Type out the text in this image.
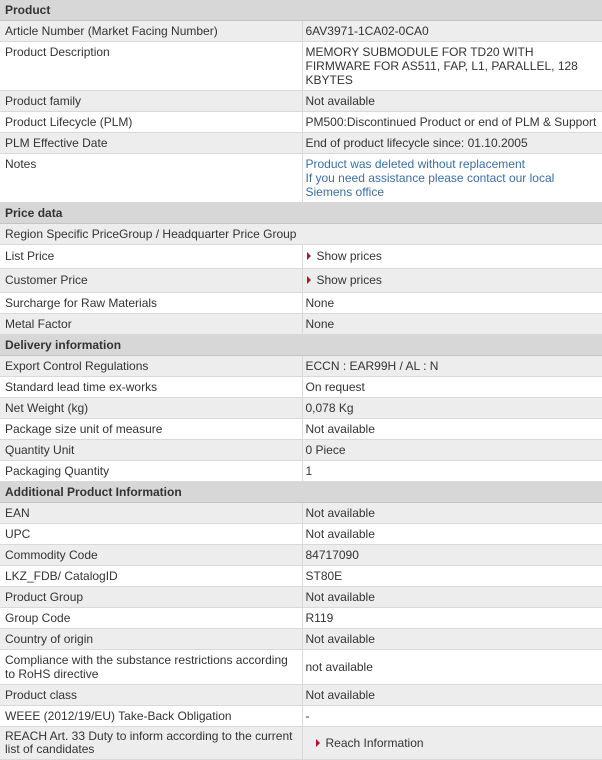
Product	
Article Number (Market Facing Number)	6AV3971-1CA02-0CA0
Product Description	MEMORY SUBMODULE FOR TD20 WITH FIRMWARE FOR AS511, FAP, L1, PARALLEL, 128 KBYTES
Product family	Not available
Product Lifecycle (PLM)	PM500:Discontinued Product or end of PLM & Support
PLM Effective Date	End of product lifecycle since: 01.10.2005
Notes	Product was deleted without replacement
If you need assistance please contact our local Siemens office

Price data	
Region Specific PriceGroup / Headquarter Price Group	
List Price	Show prices
Customer Price	Show prices
Surcharge for Raw Materials	None
Metal Factor	None
Delivery information	
Export Control Regulations	ECCN : EAR99H / AL : N
Standard lead time ex-works	On request
Net Weight (kg)	0,078 Kg
Package size unit of measure	Not available
Quantity Unit	0 Piece
Packaging Quantity	1
Additional Product Information	
EAN	Not available
UPC	Not available
Commodity Code	84717090
LKZ_FDB/ CatalogID	ST80E
Product Group	Not available
Group Code	R119
Country of origin	Not available
Compliance with the substance restrictions according to RoHS directive	not available
Product class	Not available
WEEE (2012/19/EU) Take-Back Obligation	-
REACH Art. 33 Duty to inform according to the current list of candidates	Reach Information
